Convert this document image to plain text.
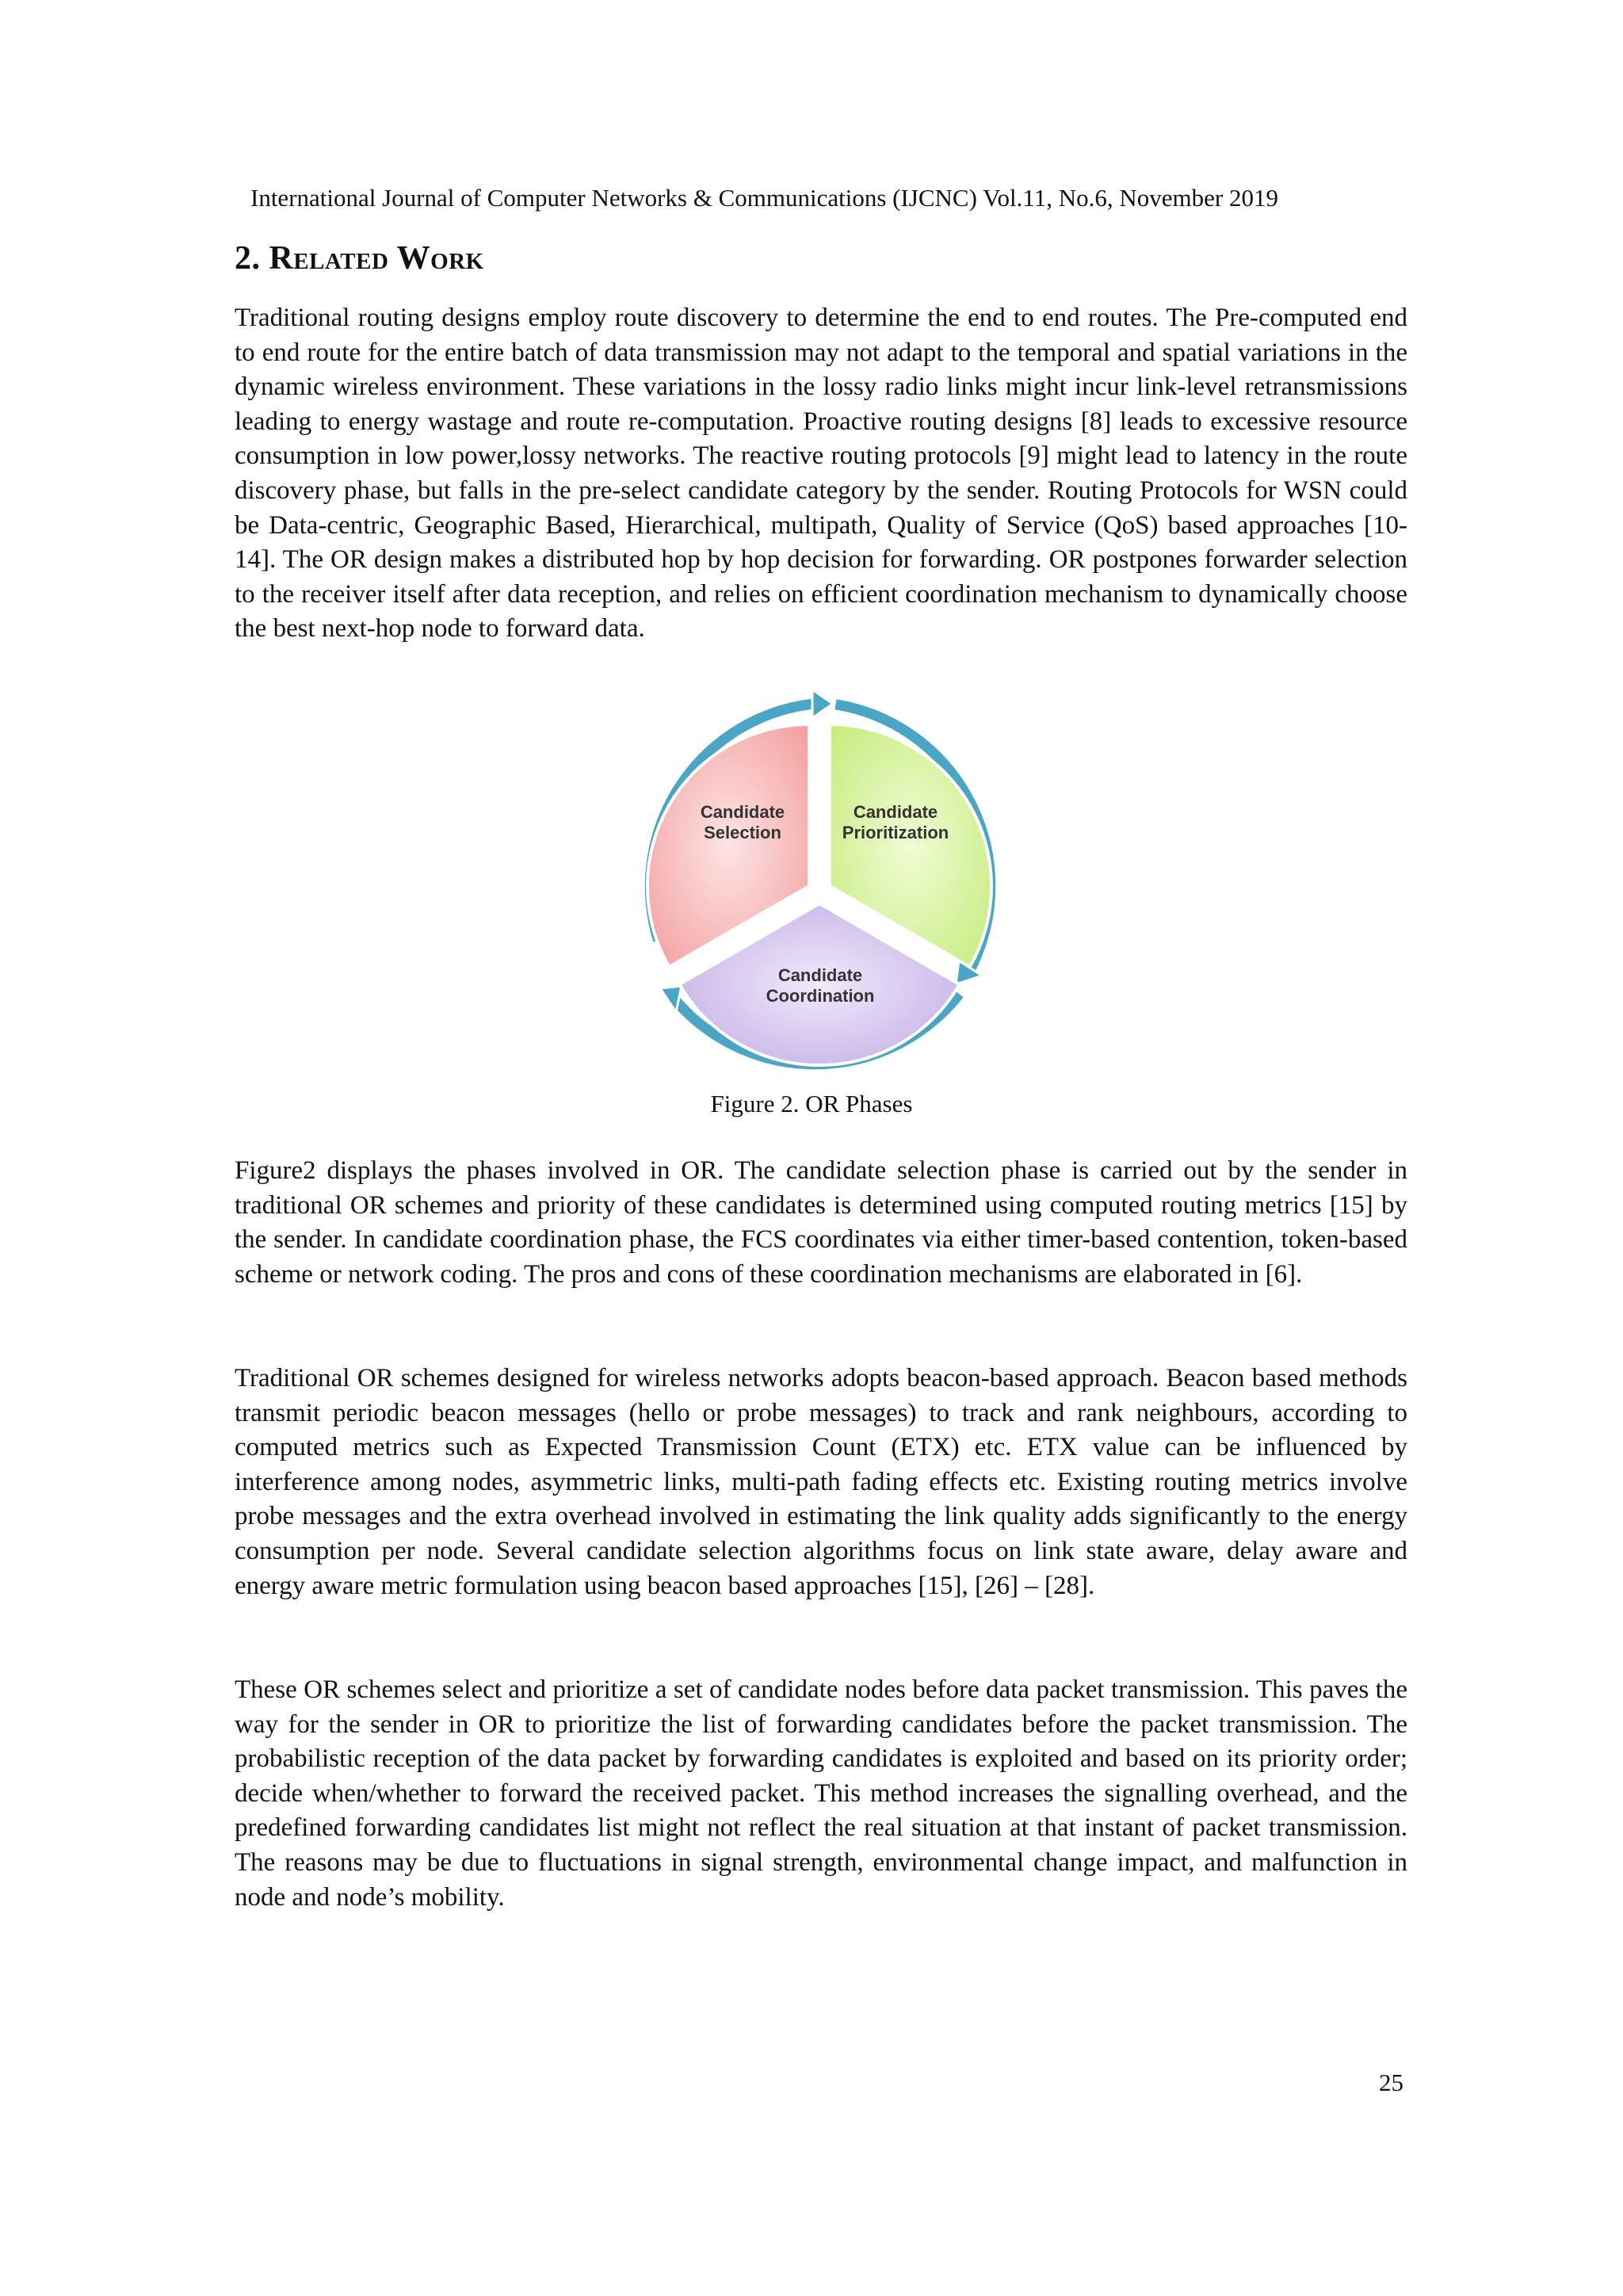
International Journal of Computer Networks & Communications (IJCNC) Vol.11, No.6, November 2019
2. Related Work

Traditional routing designs employ route discovery to determine the end to end routes. The Pre-computed end to end route for the entire batch of data transmission may not adapt to the temporal and spatial variations in the dynamic wireless environment. These variations in the lossy radio links might incur link-level retransmissions leading to energy wastage and route re-computation. Proactive routing designs [8] leads to excessive resource consumption in low power,lossy networks. The reactive routing protocols [9] might lead to latency in the route discovery phase, but falls in the pre-select candidate category by the sender. Routing Protocols for WSN could be Data-centric, Geographic Based, Hierarchical, multipath, Quality of Service (QoS) based approaches [10-14]. The OR design makes a distributed hop by hop decision for forwarding. OR postpones forwarder selection to the receiver itself after data reception, and relies on efficient coordination mechanism to dynamically choose the best next-hop node to forward data.

Candidate
Selection
Candidate
Prioritization
Candidate
Coordination
Figure 2. OR Phases

Figure2 displays the phases involved in OR. The candidate selection phase is carried out by the sender in traditional OR schemes and priority of these candidates is determined using computed routing metrics [15] by the sender. In candidate coordination phase, the FCS coordinates via either timer-based contention, token-based scheme or network coding. The pros and cons of these coordination mechanisms are elaborated in [6].

Traditional OR schemes designed for wireless networks adopts beacon-based approach. Beacon based methods transmit periodic beacon messages (hello or probe messages) to track and rank neighbours, according to computed metrics such as Expected Transmission Count (ETX) etc. ETX value can be influenced by interference among nodes, asymmetric links, multi-path fading effects etc. Existing routing metrics involve probe messages and the extra overhead involved in estimating the link quality adds significantly to the energy consumption per node. Several candidate selection algorithms focus on link state aware, delay aware and energy aware metric formulation using beacon based approaches [15], [26] – [28].

These OR schemes select and prioritize a set of candidate nodes before data packet transmission. This paves the way for the sender in OR to prioritize the list of forwarding candidates before the packet transmission. The probabilistic reception of the data packet by forwarding candidates is exploited and based on its priority order; decide when/whether to forward the received packet. This method increases the signalling overhead, and the predefined forwarding candidates list might not reflect the real situation at that instant of packet transmission. The reasons may be due to fluctuations in signal strength, environmental change impact, and malfunction in node and node’s mobility.

25
